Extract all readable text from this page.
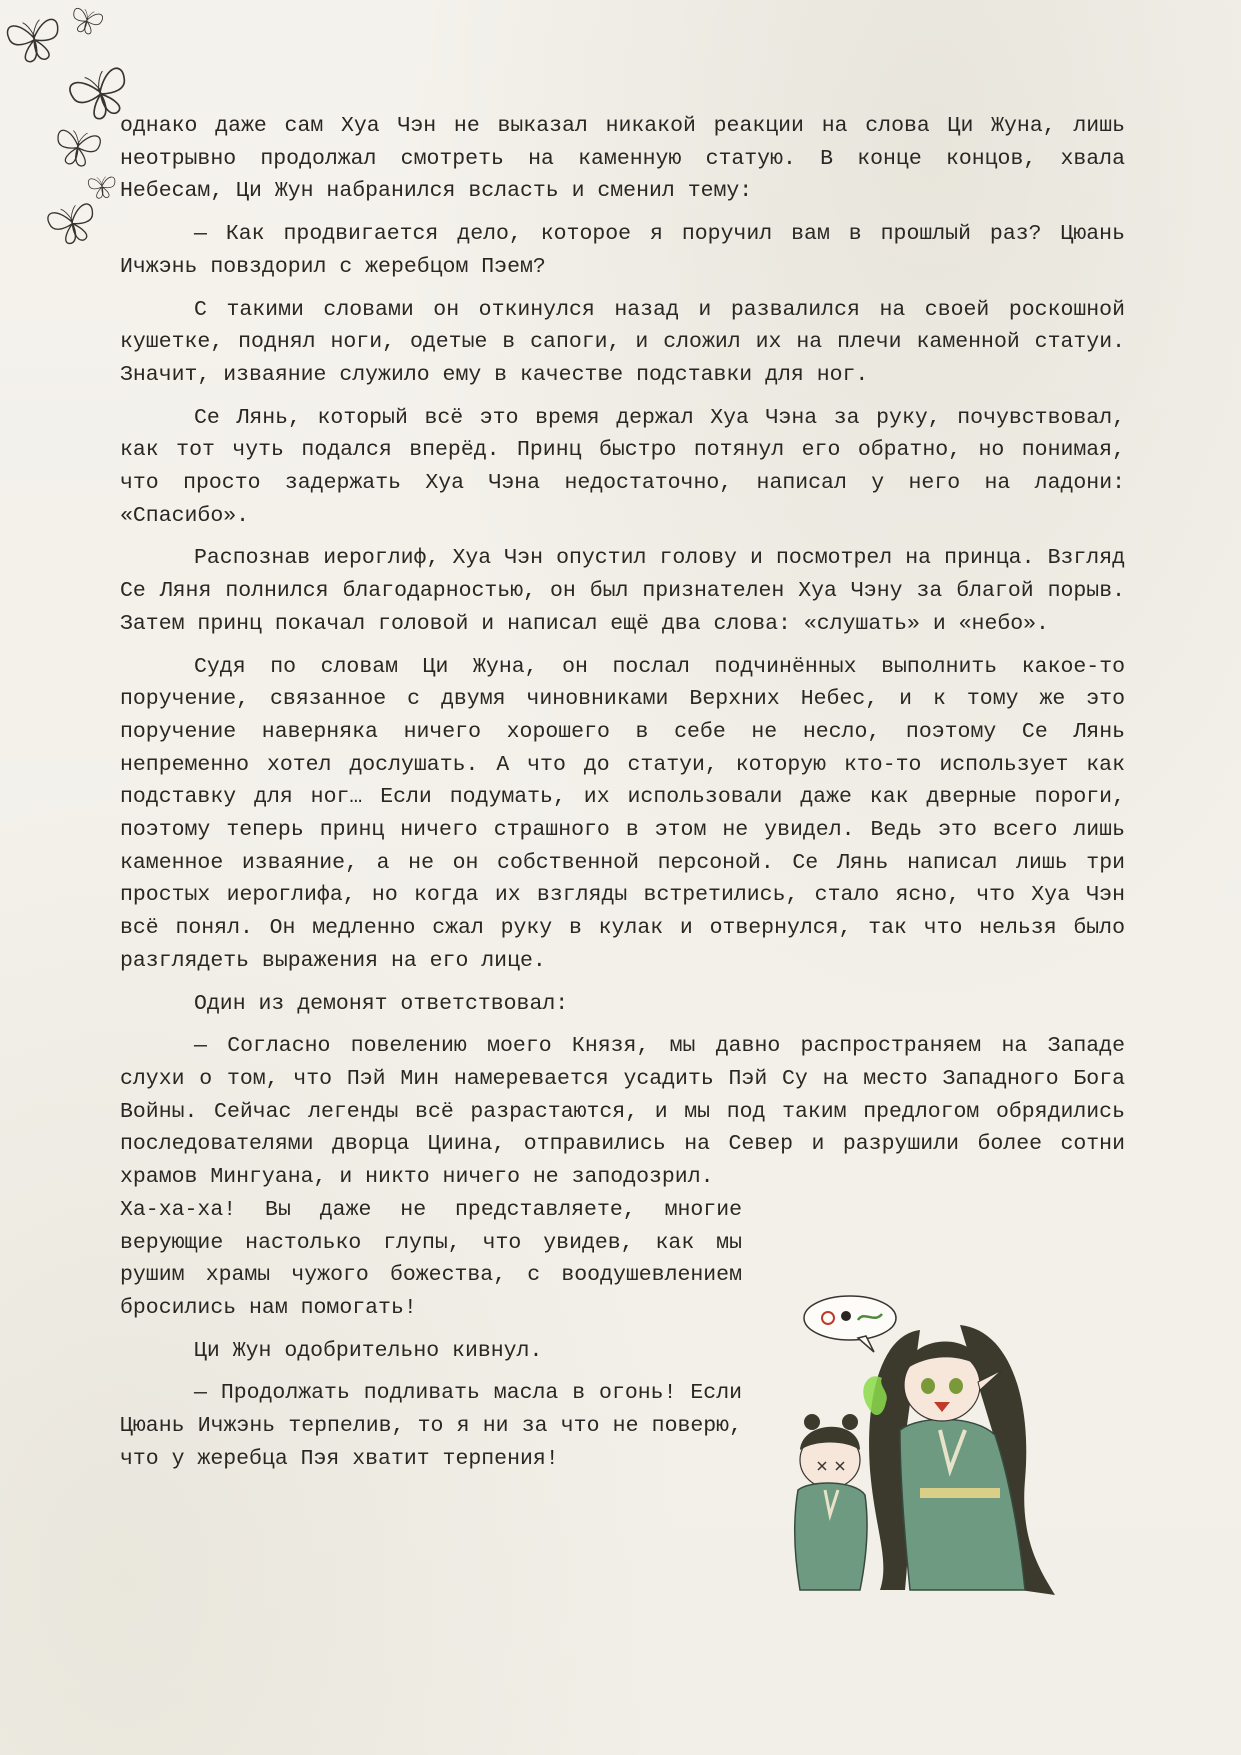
однако даже сам Хуа Чэн не выказал никакой реакции на слова Ци Жуна, лишь неотрывно продолжал смотреть на каменную статую. В конце концов, хвала Небесам, Ци Жун набранился всласть и сменил тему:

— Как продвигается дело, которое я поручил вам в прошлый раз? Цюань Ичжэнь повздорил с жеребцом Пэем?

С такими словами он откинулся назад и развалился на своей роскошной кушетке, поднял ноги, одетые в сапоги, и сложил их на плечи каменной статуи. Значит, изваяние служило ему в качестве подставки для ног.

Се Лянь, который всё это время держал Хуа Чэна за руку, почувствовал, как тот чуть подался вперёд. Принц быстро потянул его обратно, но понимая, что просто задержать Хуа Чэна недостаточно, написал у него на ладони: «Спасибо».

Распознав иероглиф, Хуа Чэн опустил голову и посмотрел на принца. Взгляд Се Ляня полнился благодарностью, он был признателен Хуа Чэну за благой порыв. Затем принц покачал головой и написал ещё два слова: «слушать» и «небо».

Судя по словам Ци Жуна, он послал подчинённых выполнить какое-то поручение, связанное с двумя чиновниками Верхних Небес, и к тому же это поручение наверняка ничего хорошего в себе не несло, поэтому Се Лянь непременно хотел дослушать. А что до статуи, которую кто-то использует как подставку для ног… Если подумать, их использовали даже как дверные пороги, поэтому теперь принц ничего страшного в этом не увидел. Ведь это всего лишь каменное изваяние, а не он собственной персоной. Се Лянь написал лишь три простых иероглифа, но когда их взгляды встретились, стало ясно, что Хуа Чэн всё понял. Он медленно сжал руку в кулак и отвернулся, так что нельзя было разглядеть выражения на его лице.

Один из демонят ответствовал:

— Согласно повелению моего Князя, мы давно распространяем на Западе слухи о том, что Пэй Мин намеревается усадить Пэй Су на место Западного Бога Войны. Сейчас легенды всё разрастаются, и мы под таким предлогом обрядились последователями дворца Циина, отправились на Север и разрушили более сотни храмов Мингуана, и никто ничего не заподозрил.

Ха-ха-ха! Вы даже не представляете, многие верующие настолько глупы, что увидев, как мы рушим храмы чужого божества, с воодушевлением бросились нам помогать!

Ци Жун одобрительно кивнул.

— Продолжать подливать масла в огонь! Если Цюань Ичжэнь терпелив, то я ни за что не поверю, что у жеребца Пэя хватит терпения!
